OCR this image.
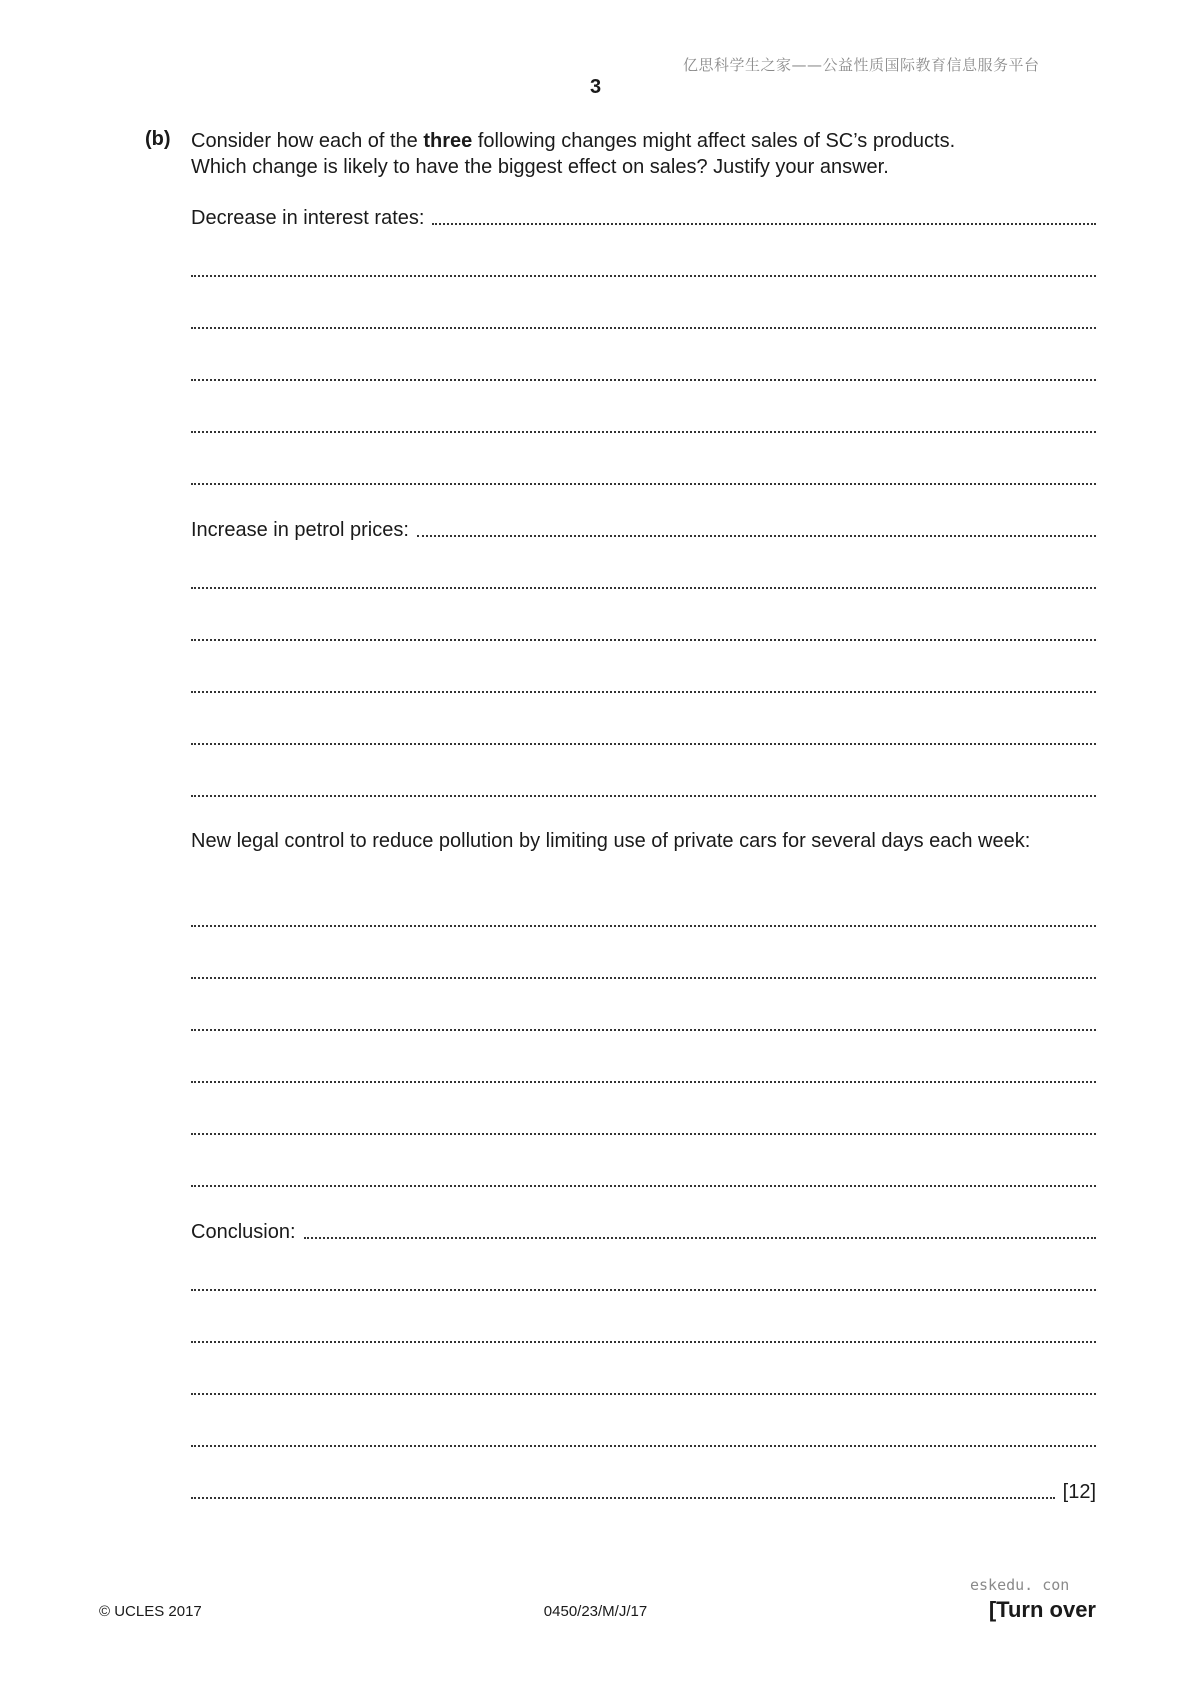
亿思科学生之家——公益性质国际教育信息服务平台
3
(b) Consider how each of the three following changes might affect sales of SC’s products.
Which change is likely to have the biggest effect on sales? Justify your answer.
Decrease in interest rates:
Increase in petrol prices:
New legal control to reduce pollution by limiting use of private cars for several days each week:
Conclusion:
[12]
eskedu. con
© UCLES 2017	0450/23/M/J/17	[Turn over
